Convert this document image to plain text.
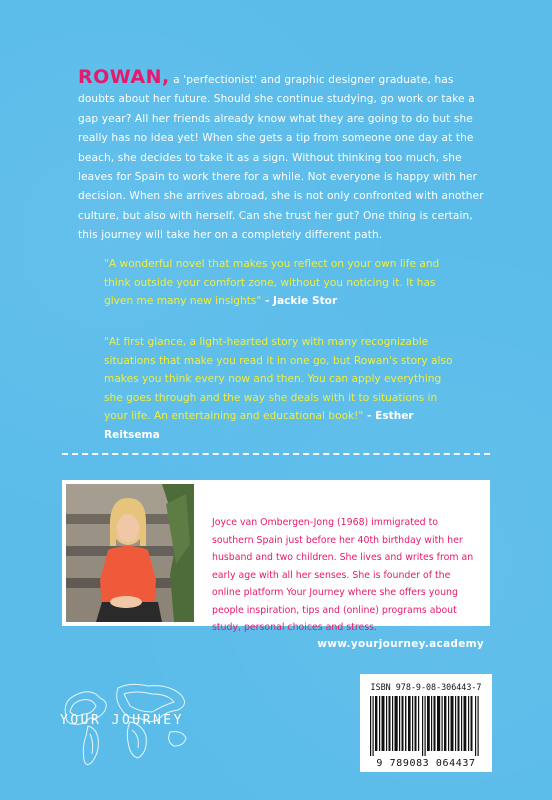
ROWAN, a 'perfectionist' and graphic designer graduate, has doubts about her future. Should she continue studying, go work or take a gap year? All her friends already know what they are going to do but she really has no idea yet! When she gets a tip from someone one day at the beach, she decides to take it as a sign. Without thinking too much, she leaves for Spain to work there for a while. Not everyone is happy with her decision. When she arrives abroad, she is not only confronted with another culture, but also with herself. Can she trust her gut? One thing is certain, this journey will take her on a completely different path.

"A wonderful novel that makes you reflect on your own life and think outside your comfort zone, without you noticing it. It has given me many new insights" - Jackie Stor

"At first glance, a light-hearted story with many recognizable situations that make you read it in one go, but Rowan's story also makes you think every now and then. You can apply everything she goes through and the way she deals with it to situations in your life. An entertaining and educational book!" - Esther Reitsema

Joyce van Ombergen-Jong (1968) immigrated to southern Spain just before her 40th birthday with her husband and two children. She lives and writes from an early age with all her senses. She is founder of the online platform Your Journey where she offers young people inspiration, tips and (online) programs about study, personal choices and stress.

www.yourjourney.academy
YOUR JOURNEY
ISBN 978-9-08-306443-7
9 789083 064437
